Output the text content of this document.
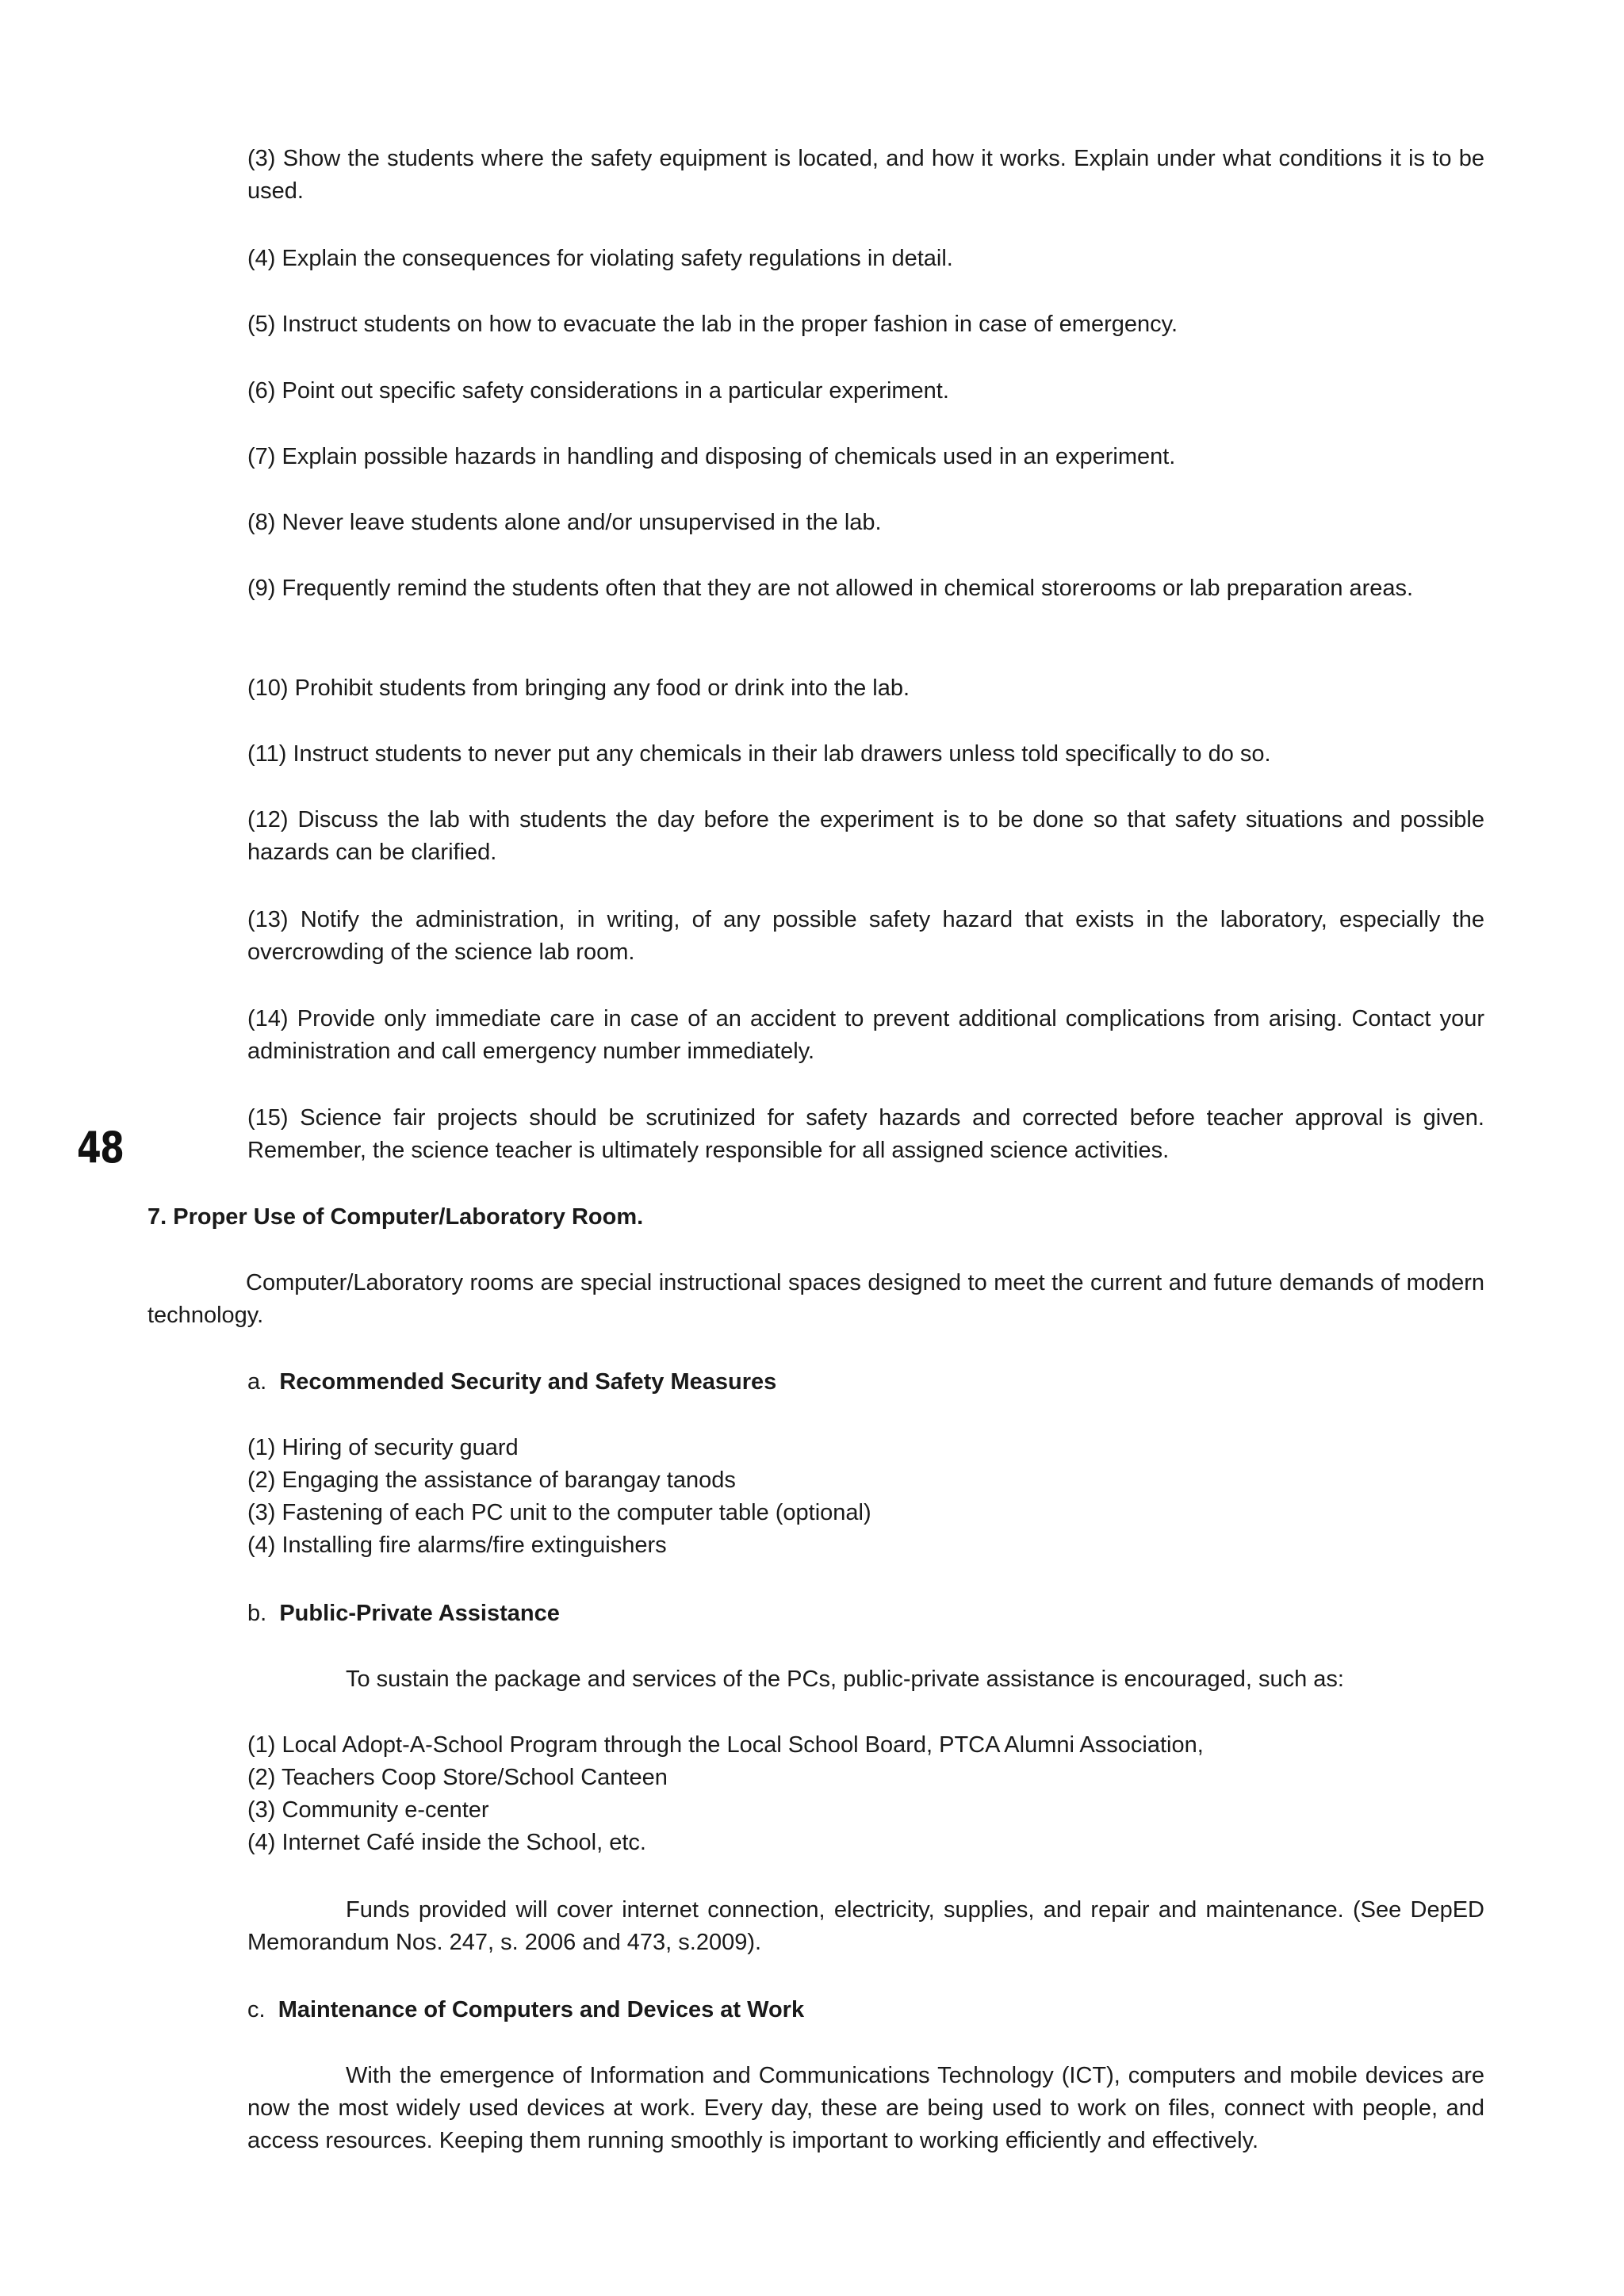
(3) Show the students where the safety equipment is located, and how it works. Explain under what conditions it is to be used.

(4) Explain the consequences for violating safety regulations in detail.

(5) Instruct students on how to evacuate the lab in the proper fashion in case of emergency.

(6) Point out specific safety considerations in a particular experiment.

(7) Explain possible hazards in handling and disposing of chemicals used in an experiment.

(8) Never leave students alone and/or unsupervised in the lab.

(9) Frequently remind the students often that they are not allowed in chemical storerooms or lab preparation areas.

(10) Prohibit students from bringing any food or drink into the lab.

(11) Instruct students to never put any chemicals in their lab drawers unless told specifically to do so.

(12) Discuss the lab with students the day before the experiment is to be done so that safety situations and possible hazards can be clarified.

(13) Notify the administration, in writing, of any possible safety hazard that exists in the laboratory, especially the overcrowding of the science lab room.

(14) Provide only immediate care in case of an accident to prevent additional complications from arising. Contact your administration and call emergency number immediately.

(15) Science fair projects should be scrutinized for safety hazards and corrected before teacher approval is given. Remember, the science teacher is ultimately responsible for all assigned science activities.

48

7. Proper Use of Computer/Laboratory Room.

Computer/Laboratory rooms are special instructional spaces designed to meet the current and future demands of modern technology.

a. Recommended Security and Safety Measures

(1) Hiring of security guard
(2) Engaging the assistance of barangay tanods
(3) Fastening of each PC unit to the computer table (optional)
(4) Installing fire alarms/fire extinguishers

b. Public-Private Assistance

To sustain the package and services of the PCs, public-private assistance is encouraged, such as:

(1) Local Adopt-A-School Program through the Local School Board, PTCA Alumni Association,
(2) Teachers Coop Store/School Canteen
(3) Community e-center
(4) Internet Café inside the School, etc.

Funds provided will cover internet connection, electricity, supplies, and repair and maintenance. (See DepED Memorandum Nos. 247, s. 2006 and 473, s.2009).

c. Maintenance of Computers and Devices at Work

With the emergence of Information and Communications Technology (ICT), computers and mobile devices are now the most widely used devices at work. Every day, these are being used to work on files, connect with people, and access resources. Keeping them running smoothly is important to working efficiently and effectively.
